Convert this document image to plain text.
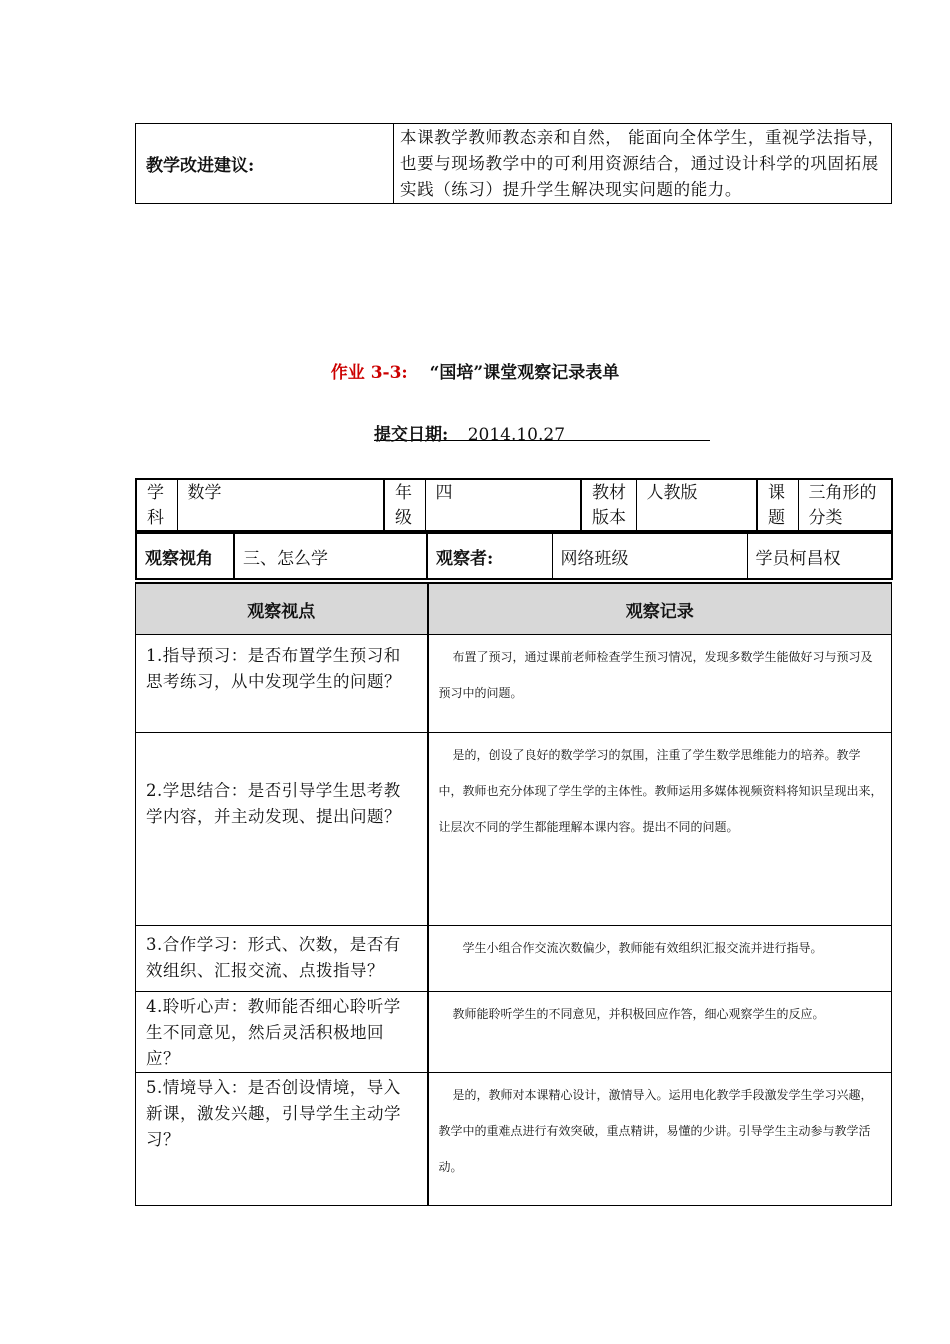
教学改进建议:	本课教学教师教态亲和自然， 能面向全体学生，重视学法指导，也要与现场教学中的可利用资源结合，通过设计科学的巩固拓展实践（练习）提升学生解决现实问题的能力。
作业 3-3: “国培”课堂观察记录表单
提交日期: 2014.10.27
学科	数学	年级	四	教材版本	人教版	课题	三角形的分类
观察视角	三、怎么学	观察者:	网络班级	学员柯昌权
观察视点	观察记录
1.指导预习：是否布置学生预习和思考练习，从中发现学生的问题？	布置了预习，通过课前老师检查学生预习情况，发现多数学生能做好习与预习及预习中的问题。
2.学思结合：是否引导学生思考教学内容，并主动发现、提出问题？	是的，创设了良好的数学学习的氛围，注重了学生数学思维能力的培养。教学中，教师也充分体现了学生学的主体性。教师运用多媒体视频资料将知识呈现出来，让层次不同的学生都能理解本课内容。提出不同的问题。
3.合作学习：形式、次数，是否有效组织、汇报交流、点拨指导？	学生小组合作交流次数偏少，教师能有效组织汇报交流并进行指导。
4.聆听心声：教师能否细心聆听学生不同意见，然后灵活积极地回应？	教师能聆听学生的不同意见，并积极回应作答，细心观察学生的反应。
5.情境导入：是否创设情境，导入新课，激发兴趣，引导学生主动学习？	是的，教师对本课精心设计，激情导入。运用电化教学手段激发学生学习兴趣，教学中的重难点进行有效突破，重点精讲，易懂的少讲。引导学生主动参与教学活动。
